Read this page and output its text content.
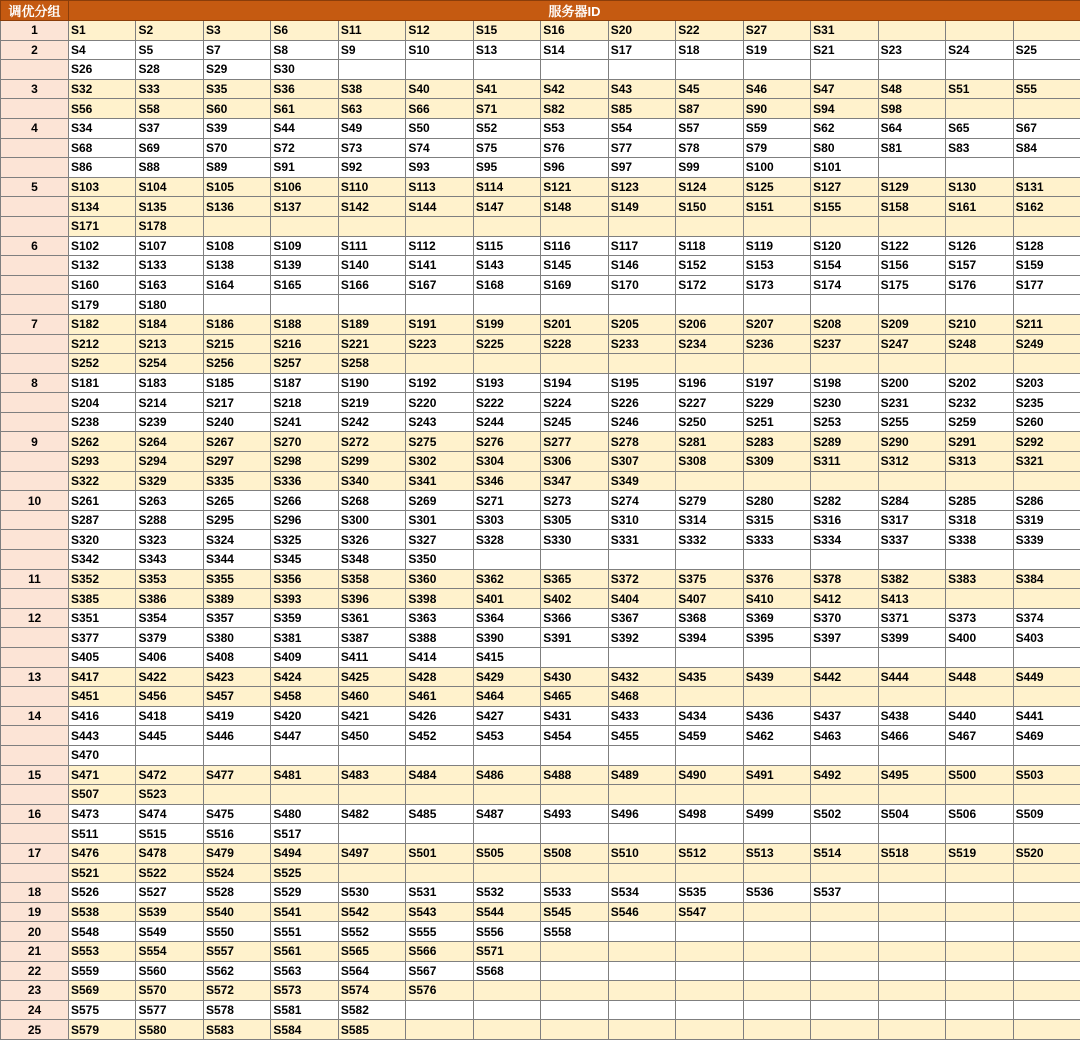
调优分组	服务器ID														
1	S1	S2	S3	S6	S11	S12	S15	S16	S20	S22	S27	S31			
2	S4	S5	S7	S8	S9	S10	S13	S14	S17	S18	S19	S21	S23	S24	S25
	S26	S28	S29	S30											
3	S32	S33	S35	S36	S38	S40	S41	S42	S43	S45	S46	S47	S48	S51	S55
	S56	S58	S60	S61	S63	S66	S71	S82	S85	S87	S90	S94	S98		
4	S34	S37	S39	S44	S49	S50	S52	S53	S54	S57	S59	S62	S64	S65	S67
	S68	S69	S70	S72	S73	S74	S75	S76	S77	S78	S79	S80	S81	S83	S84
	S86	S88	S89	S91	S92	S93	S95	S96	S97	S99	S100	S101			
5	S103	S104	S105	S106	S110	S113	S114	S121	S123	S124	S125	S127	S129	S130	S131
	S134	S135	S136	S137	S142	S144	S147	S148	S149	S150	S151	S155	S158	S161	S162
	S171	S178													
6	S102	S107	S108	S109	S111	S112	S115	S116	S117	S118	S119	S120	S122	S126	S128
	S132	S133	S138	S139	S140	S141	S143	S145	S146	S152	S153	S154	S156	S157	S159
	S160	S163	S164	S165	S166	S167	S168	S169	S170	S172	S173	S174	S175	S176	S177
	S179	S180													
7	S182	S184	S186	S188	S189	S191	S199	S201	S205	S206	S207	S208	S209	S210	S211
	S212	S213	S215	S216	S221	S223	S225	S228	S233	S234	S236	S237	S247	S248	S249
	S252	S254	S256	S257	S258										
8	S181	S183	S185	S187	S190	S192	S193	S194	S195	S196	S197	S198	S200	S202	S203
	S204	S214	S217	S218	S219	S220	S222	S224	S226	S227	S229	S230	S231	S232	S235
	S238	S239	S240	S241	S242	S243	S244	S245	S246	S250	S251	S253	S255	S259	S260
9	S262	S264	S267	S270	S272	S275	S276	S277	S278	S281	S283	S289	S290	S291	S292
	S293	S294	S297	S298	S299	S302	S304	S306	S307	S308	S309	S311	S312	S313	S321
	S322	S329	S335	S336	S340	S341	S346	S347	S349						
10	S261	S263	S265	S266	S268	S269	S271	S273	S274	S279	S280	S282	S284	S285	S286
	S287	S288	S295	S296	S300	S301	S303	S305	S310	S314	S315	S316	S317	S318	S319
	S320	S323	S324	S325	S326	S327	S328	S330	S331	S332	S333	S334	S337	S338	S339
	S342	S343	S344	S345	S348	S350									
11	S352	S353	S355	S356	S358	S360	S362	S365	S372	S375	S376	S378	S382	S383	S384
	S385	S386	S389	S393	S396	S398	S401	S402	S404	S407	S410	S412	S413		
12	S351	S354	S357	S359	S361	S363	S364	S366	S367	S368	S369	S370	S371	S373	S374
	S377	S379	S380	S381	S387	S388	S390	S391	S392	S394	S395	S397	S399	S400	S403
	S405	S406	S408	S409	S411	S414	S415								
13	S417	S422	S423	S424	S425	S428	S429	S430	S432	S435	S439	S442	S444	S448	S449
	S451	S456	S457	S458	S460	S461	S464	S465	S468						
14	S416	S418	S419	S420	S421	S426	S427	S431	S433	S434	S436	S437	S438	S440	S441
	S443	S445	S446	S447	S450	S452	S453	S454	S455	S459	S462	S463	S466	S467	S469
	S470														
15	S471	S472	S477	S481	S483	S484	S486	S488	S489	S490	S491	S492	S495	S500	S503
	S507	S523													
16	S473	S474	S475	S480	S482	S485	S487	S493	S496	S498	S499	S502	S504	S506	S509
	S511	S515	S516	S517											
17	S476	S478	S479	S494	S497	S501	S505	S508	S510	S512	S513	S514	S518	S519	S520
	S521	S522	S524	S525											
18	S526	S527	S528	S529	S530	S531	S532	S533	S534	S535	S536	S537			
19	S538	S539	S540	S541	S542	S543	S544	S545	S546	S547					
20	S548	S549	S550	S551	S552	S555	S556	S558							
21	S553	S554	S557	S561	S565	S566	S571								
22	S559	S560	S562	S563	S564	S567	S568								
23	S569	S570	S572	S573	S574	S576									
24	S575	S577	S578	S581	S582										
25	S579	S580	S583	S584	S585										
